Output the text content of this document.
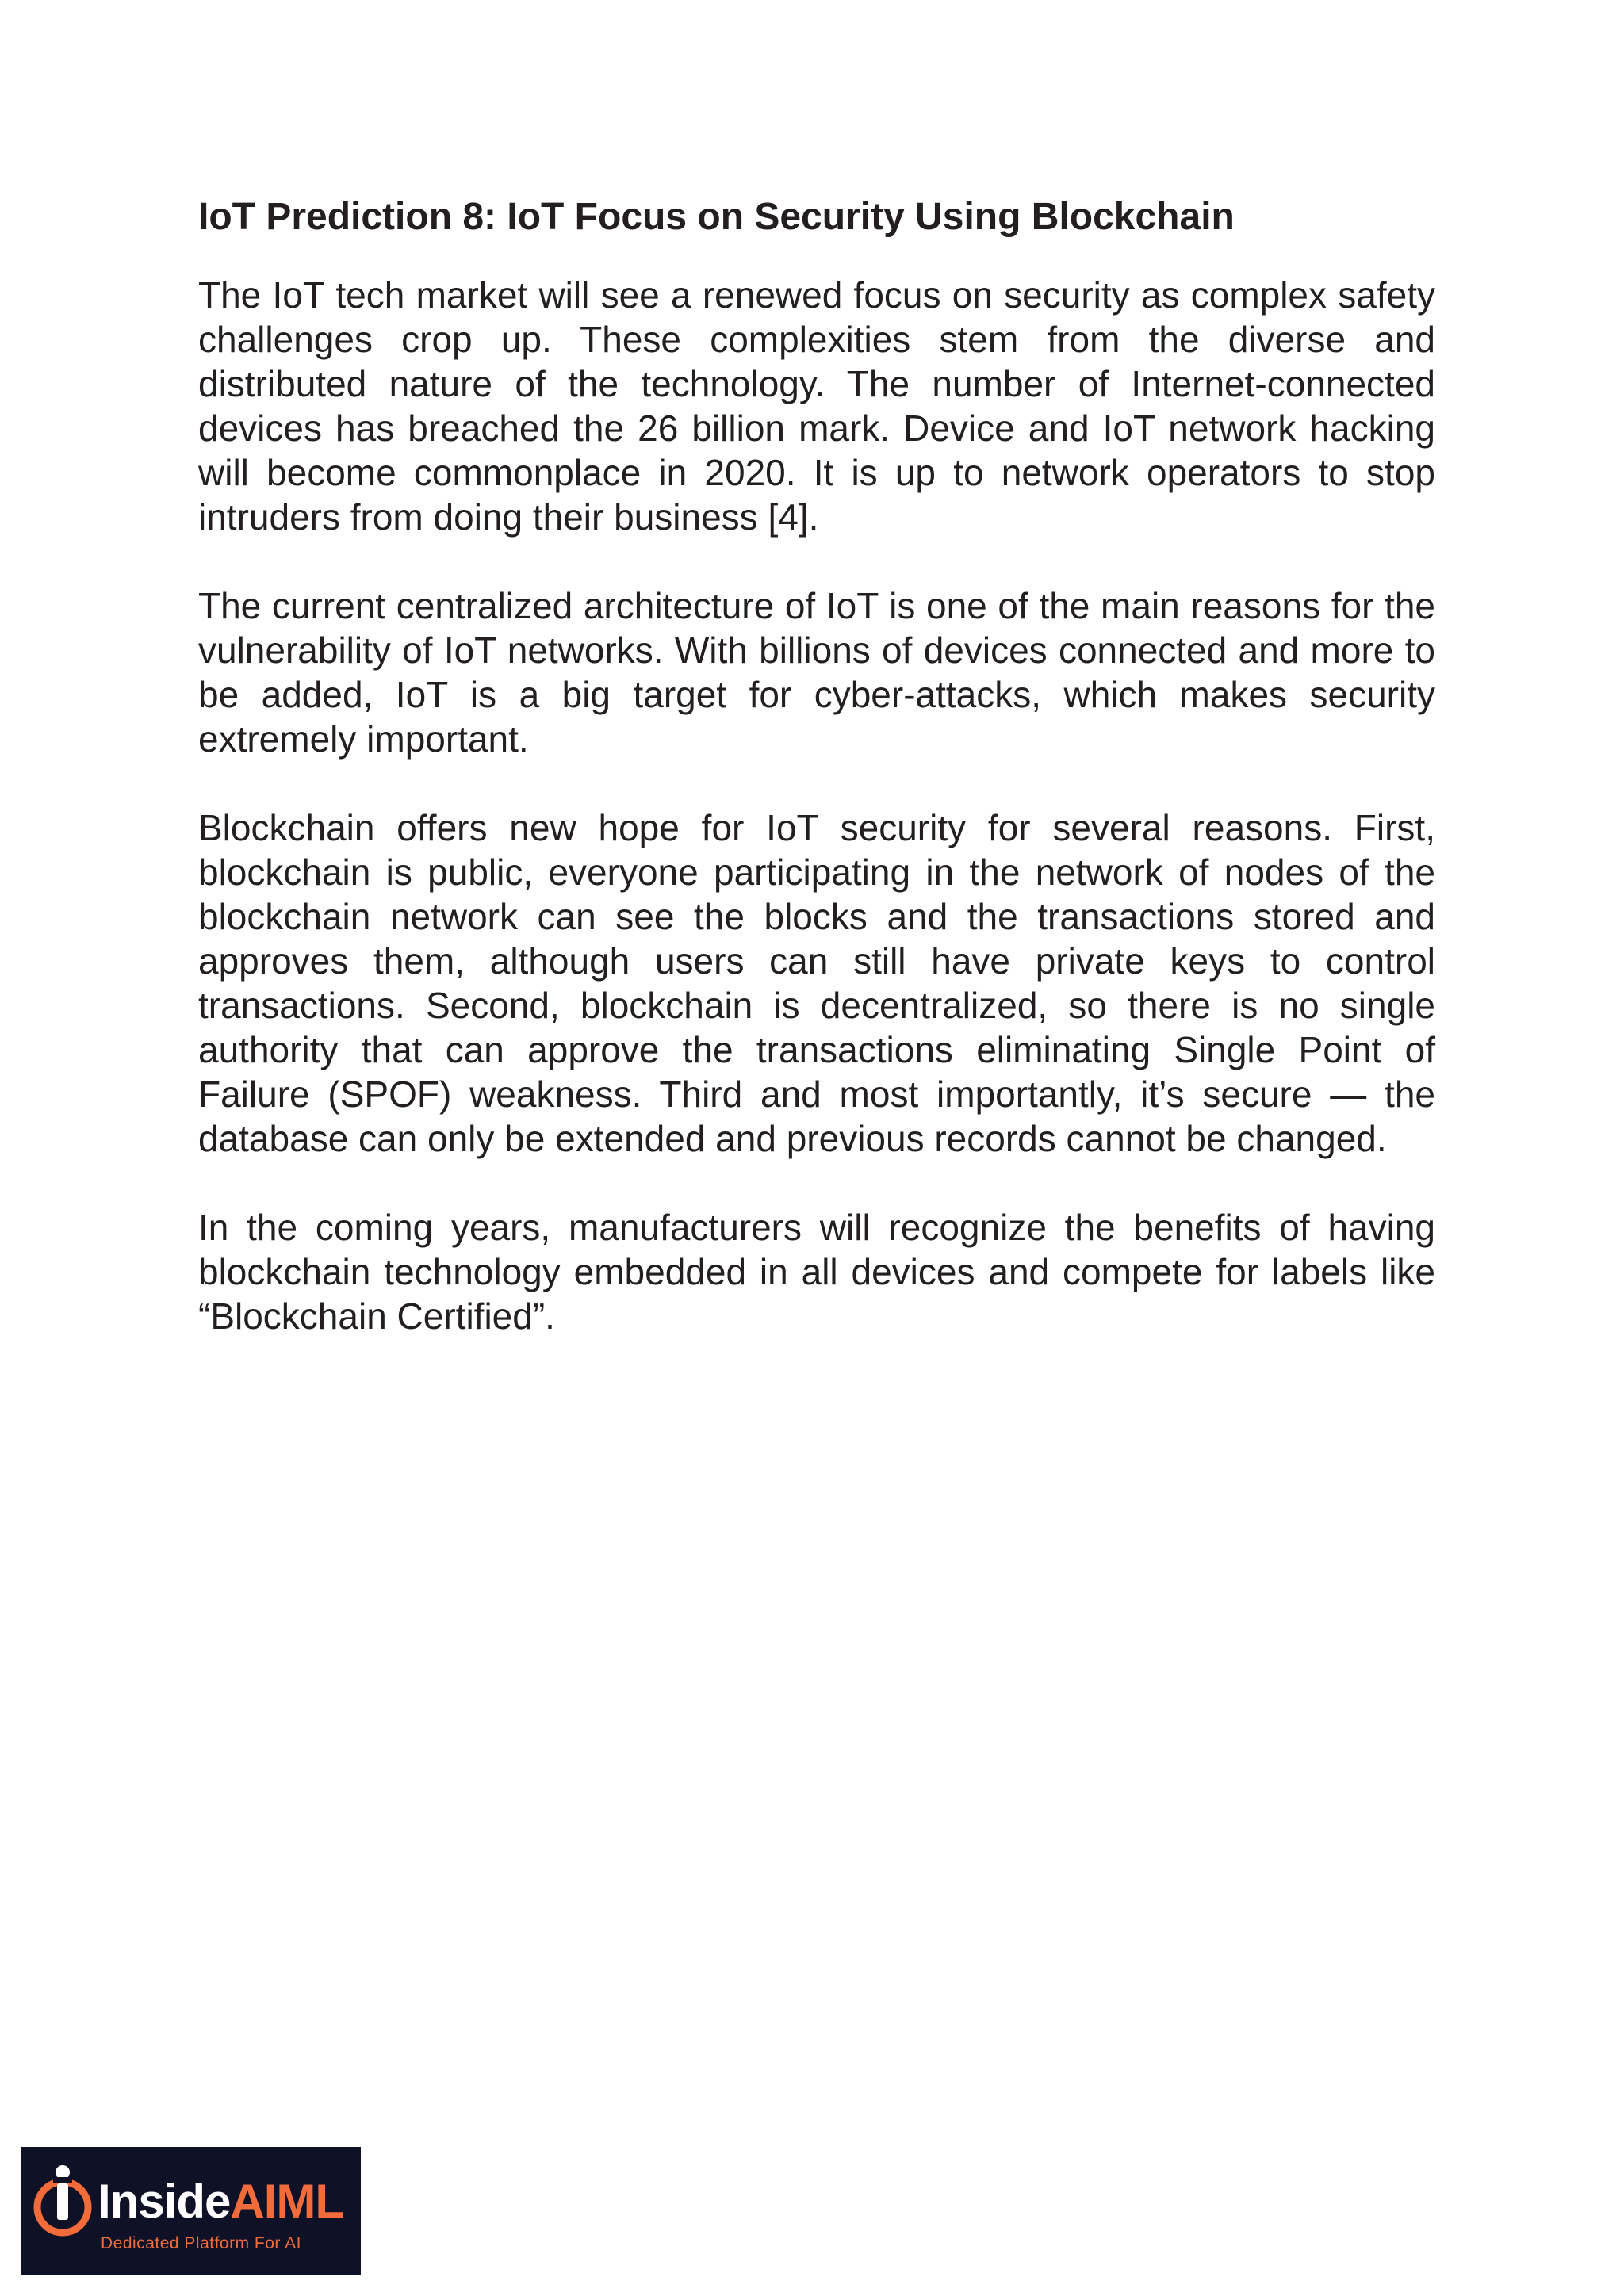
IoT Prediction 8: IoT Focus on Security Using Blockchain

The IoT tech market will see a renewed focus on security as complex safety challenges crop up. These complexities stem from the diverse and distributed nature of the technology. The number of Internet-connected devices has breached the 26 billion mark. Device and IoT network hacking will become commonplace in 2020. It is up to network operators to stop intruders from doing their business [4].

The current centralized architecture of IoT is one of the main reasons for the vulnerability of IoT networks. With billions of devices connected and more to be added, IoT is a big target for cyber-attacks, which makes security extremely important.

Blockchain offers new hope for IoT security for several reasons. First, blockchain is public, everyone participating in the network of nodes of the blockchain network can see the blocks and the transactions stored and approves them, although users can still have private keys to control transactions. Second, blockchain is decentralized, so there is no single authority that can approve the transactions eliminating Single Point of Failure (SPOF) weakness. Third and most importantly, it’s secure — the database can only be extended and previous records cannot be changed.

In the coming years, manufacturers will recognize the benefits of having blockchain technology embedded in all devices and compete for labels like “Blockchain Certified”.

InsideAIML
Dedicated Platform For AI
